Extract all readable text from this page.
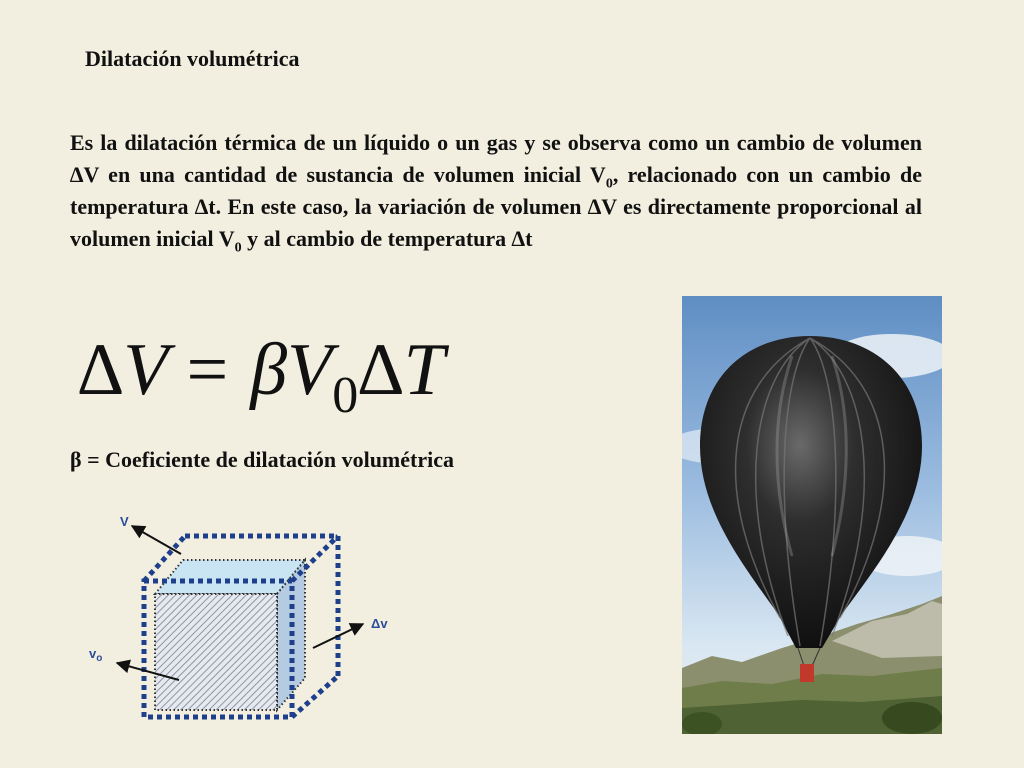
Dilatación volumétrica
Es la dilatación térmica de un líquido o un gas y se observa como un cambio de volumen ∆V en una cantidad de sustancia de volumen inicial $V_0$, relacionado con un cambio de temperatura ∆t. En este caso, la variación de volumen ∆V es directamente proporcional al volumen inicial $V_0$ y al cambio de temperatura ∆t
$\Delta V = \beta V_0\Delta T$
β = Coeficiente de dilatación volumétrica
V
Δv
$v_o$
